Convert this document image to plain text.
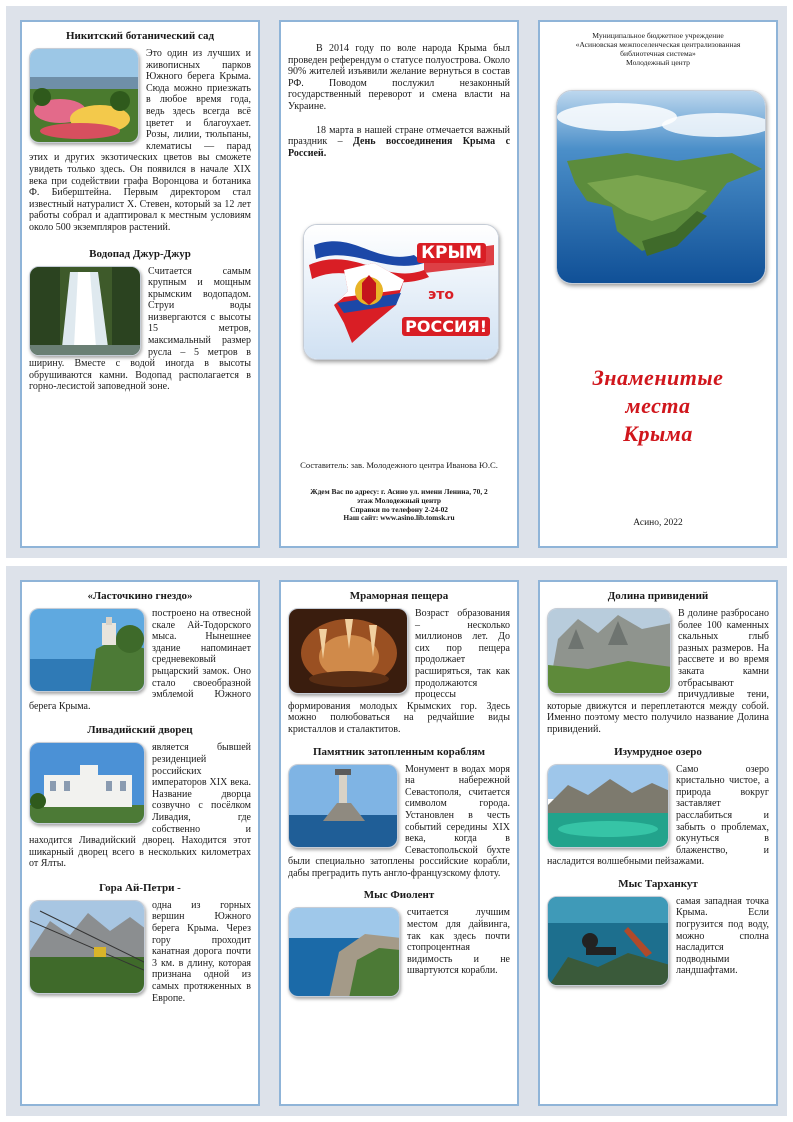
Никитский ботанический сад

Это один из лучших и живописных парков Южного берега Крыма. Сюда можно приезжать в любое время года, ведь здесь всегда всё цветет и благоухает. Розы, лилии, тюльпаны, клематисы — парад этих и других экзотических цветов вы сможете увидеть только здесь. Он появился в начале XIX века при содействии графа Воронцова и ботаника Ф. Биберштейна. Первым директором стал известный натуралист Х. Стевен, который за 12 лет работы собрал и адаптировал к местным условиям около 500 экземпляров растений.

Водопад Джур-Джур

Считается самым крупным и мощным крымским водопадом. Струи воды низвергаются с высоты 15 метров, максимальный размер русла – 5 метров в ширину. Вместе с водой иногда в высоты обрушиваются камни. Водопад располагается в горно-лесистой заповедной зоне.

В 2014 году по воле народа Крыма был проведен референдум о статусе полуострова. Около 90% жителей изъявили желание вернуться в состав РФ. Поводом послужил незаконный государственный переворот и смена власти на Украине.

18 марта в нашей стране отмечается важный праздник – День воссоединения Крыма с Россией.

КРЫМ
это
РОССИЯ!
Составитель: зав. Молодежного центра Иванова Ю.С.
Ждем Вас по адресу: г. Асино ул. имени Ленина, 70, 2 этаж Молодежный центр
Справки по телефону 2-24-02
Наш сайт: www.asino.lib.tomsk.ru
Муниципальное бюджетное учреждение
«Асиновская межпоселенческая централизованная
библиотечная система»
Молодежный центр
Знаменитые
места
Крыма
Асино, 2022
«Ласточкино гнездо»

построено на отвесной скале Ай-Тодорского мыса. Нынешнее здание напоминает средневековый рыцарский замок. Оно стало своеобразной эмблемой Южного берега Крыма.

Ливадийский дворец

является бывшей резиденцией российских императоров XIX века. Название дворца созвучно с посёлком Ливадия, где собственно и находится Ливадийский дворец. Находится этот шикарный дворец всего в нескольких километрах от Ялты.

Гора Ай-Петри -

одна из горных вершин Южного берега Крыма. Через гору проходит канатная дорога почти 3 км. в длину, которая признана одной из самых протяженных в Европе.

Мраморная пещера

Возраст образования – несколько миллионов лет. До сих пор пещера продолжает расширяться, так как продолжаются процессы формирования молодых Крымских гор. Здесь можно полюбоваться на редчайшие виды кристаллов и сталактитов.

Памятник затопленным кораблям

Монумент в водах моря на набережной Севастополя, считается символом города. Установлен в честь событий середины XIX века, когда в Севастопольской бухте были специально затоплены российские корабли, дабы преградить путь англо-французскому флоту.

Мыс Фиолент

считается лучшим местом для дайвинга, так как здесь почти стопроцентная видимость и не швартуются корабли.

Долина привидений

В долине разбросано более 100 каменных скальных глыб разных размеров. На рассвете и во время заката камни отбрасывают причудливые тени, которые движутся и переплетаются между собой. Именно поэтому место получило название Долина привидений.

Изумрудное озеро

Само озеро кристально чистое, а природа вокруг заставляет расслабиться и забыть о проблемах, окунуться в блаженство, и насладится волшебными пейзажами.

Мыс Тарханкут

самая западная точка Крыма. Если погрузится под воду, можно сполна насладится подводными ландшафтами.
